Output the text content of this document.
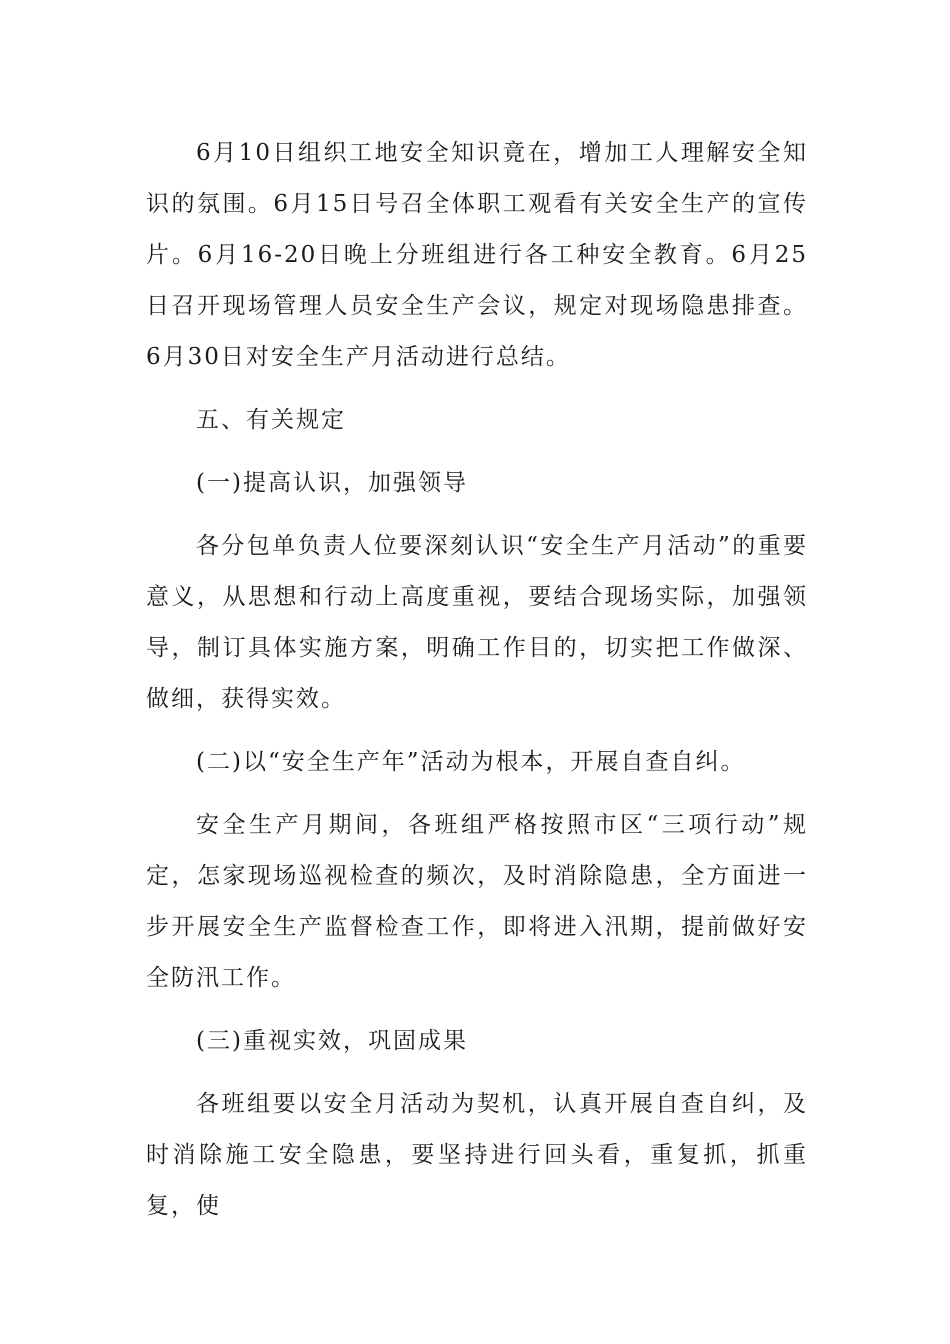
6月10日组织工地安全知识竟在，增加工人理解安全知识的氛围。6月15日号召全体职工观看有关安全生产的宣传片。6月16-20日晚上分班组进行各工种安全教育。6月25日召开现场管理人员安全生产会议，规定对现场隐患排查。6月30日对安全生产月活动进行总结。

五、有关规定

(一)提高认识，加强领导

各分包单负责人位要深刻认识“安全生产月活动”的重要意义，从思想和行动上高度重视，要结合现场实际，加强领导，制订具体实施方案，明确工作目的，切实把工作做深、做细，获得实效。

(二)以“安全生产年”活动为根本，开展自查自纠。

安全生产月期间，各班组严格按照市区“三项行动”规定，怎家现场巡视检查的频次，及时消除隐患，全方面进一步开展安全生产监督检查工作，即将进入汛期，提前做好安全防汛工作。

(三)重视实效，巩固成果

各班组要以安全月活动为契机，认真开展自查自纠，及时消除施工安全隐患，要坚持进行回头看，重复抓，抓重复，使
